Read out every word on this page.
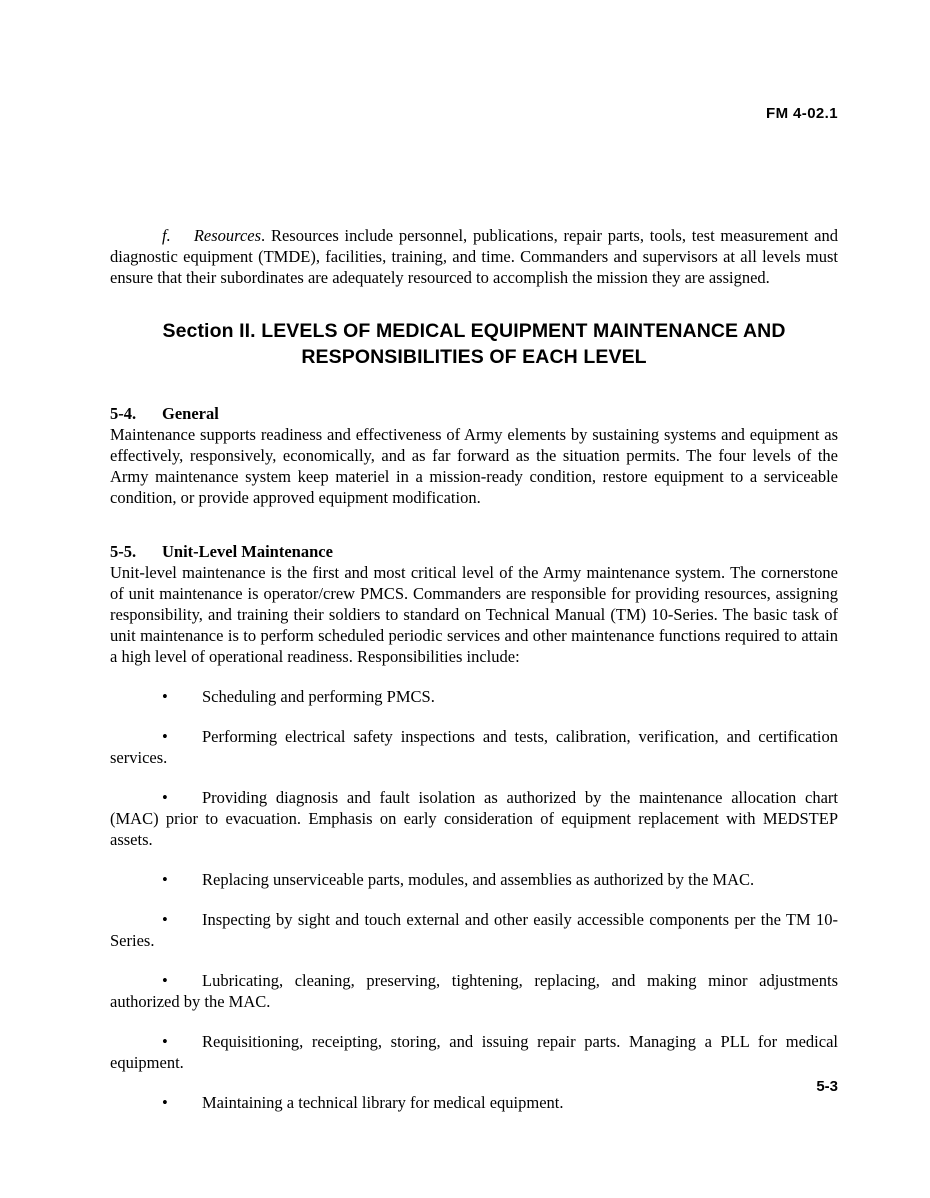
FM 4-02.1

f. Resources. Resources include personnel, publications, repair parts, tools, test measurement and diagnostic equipment (TMDE), facilities, training, and time. Commanders and supervisors at all levels must ensure that their subordinates are adequately resourced to accomplish the mission they are assigned.

Section II. LEVELS OF MEDICAL EQUIPMENT MAINTENANCE AND
RESPONSIBILITIES OF EACH LEVEL
5-4. General

Maintenance supports readiness and effectiveness of Army elements by sustaining systems and equipment as effectively, responsively, economically, and as far forward as the situation permits. The four levels of the Army maintenance system keep materiel in a mission-ready condition, restore equipment to a serviceable condition, or provide approved equipment modification.

5-5. Unit-Level Maintenance

Unit-level maintenance is the first and most critical level of the Army maintenance system. The cornerstone of unit maintenance is operator/crew PMCS. Commanders are responsible for providing resources, assigning responsibility, and training their soldiers to standard on Technical Manual (TM) 10-Series. The basic task of unit maintenance is to perform scheduled periodic services and other maintenance functions required to attain a high level of operational readiness. Responsibilities include:

•	Scheduling and performing PMCS.
•	Performing electrical safety inspections and tests, calibration, verification, and certification services.
•	Providing diagnosis and fault isolation as authorized by the maintenance allocation chart (MAC) prior to evacuation. Emphasis on early consideration of equipment replacement with MEDSTEP assets.
•	Replacing unserviceable parts, modules, and assemblies as authorized by the MAC.
•	Inspecting by sight and touch external and other easily accessible components per the TM 10-Series.
•	Lubricating, cleaning, preserving, tightening, replacing, and making minor adjustments authorized by the MAC.
•	Requisitioning, receipting, storing, and issuing repair parts. Managing a PLL for medical equipment.
•	Maintaining a technical library for medical equipment.
5-3
